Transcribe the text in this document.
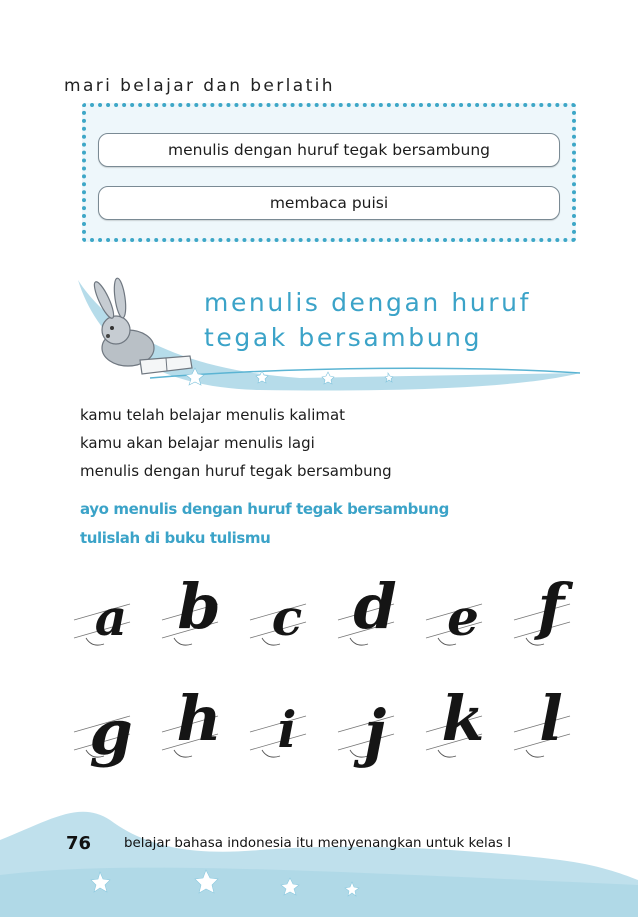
mari belajar dan berlatih
menulis dengan huruf tegak bersambung
membaca puisi
menulis dengan huruf
tegak bersambung
kamu telah belajar menulis kalimat
kamu akan belajar menulis lagi
menulis dengan huruf tegak bersambung
ayo menulis dengan huruf tegak bersambung
tulislah di buku tulismu
a b	c d	e f
g h	i	j k l
76 belajar bahasa indonesia itu menyenangkan untuk kelas I
